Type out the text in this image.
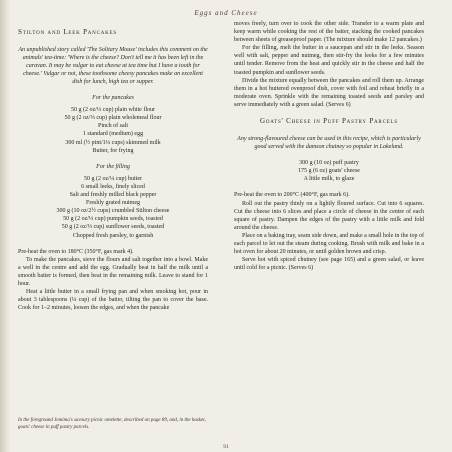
Eggs and Cheese
Stilton and Leek Pancakes
An unpublished story called 'The Solitary Mouse' includes this comment on the animals' tea-time: 'Where is the cheese? Don't tell me it has been left in the caravan. It may be vulgar to eat cheese at tea time but I have a tooth for cheese.' Vulgar or not, these toothsome cheesy pancakes make an excellent dish for lunch, high tea or supper.
For the pancakes
50 g (2 oz/⅓ cup) plain white flour
50 g (2 oz/⅓ cup) plain wholemeal flour
Pinch of salt
1 standard (medium) egg
300 ml (½ pint/1¼ cups) skimmed milk
Butter, for frying
For the filling
50 g (2 oz/¼ cup) butter
6 small leeks, finely sliced
Salt and freshly milled black pepper
Freshly grated nutmeg
300 g (10 oz/2½ cups) crumbled Stilton cheese
50 g (2 oz/⅓ cup) pumpkin seeds, toasted
50 g (2 oz/⅓ cup) sunflower seeds, toasted
Chopped fresh parsley, to garnish

Pre-heat the oven to 180°C (350°F, gas mark 4).

To make the pancakes, sieve the flours and salt together into a bowl. Make a well in the centre and add the egg. Gradually beat in half the milk until a smooth batter is formed, then beat in the remaining milk. Leave to stand for 1 hour.

Heat a little butter in a small frying pan and when smoking hot, pour in about 3 tablespoons (¼ cup) of the batter, tilting the pan to cover the base. Cook for 1–2 minutes, loosen the edges, and when the pancake

moves freely, turn over to cook the other side. Transfer to a warm plate and keep warm while cooking the rest of the batter, stacking the cooked pancakes between sheets of greaseproof paper. (The mixture should make 12 pancakes.)

For the filling, melt the butter in a saucepan and stir in the leeks. Season well with salt, pepper and nutmeg, then stir-fry the leeks for a few minutes until tender. Remove from the heat and quickly stir in the cheese and half the toasted pumpkin and sunflower seeds.

Divide the mixture equally between the pancakes and roll them up. Arrange them in a hot buttered ovenproof dish, cover with foil and reheat briefly in a moderate oven. Sprinkle with the remaining toasted seeds and parsley and serve immediately with a green salad. (Serves 6)

Goats' Cheese in Puff Pastry Parcels
Any strong-flavoured cheese can be used in this recipe, which is particularly good served with the damson chutney so popular in Lakeland.
300 g (10 oz) puff pastry
175 g (6 oz) goats' cheese
A little milk, to glaze

Pre-heat the oven to 200°C (400°F, gas mark 6).

Roll out the pastry thinly on a lightly floured surface. Cut into 6 squares. Cut the cheese into 6 slices and place a circle of cheese in the centre of each square of pastry. Dampen the edges of the pastry with a little milk and fold around the cheese.

Place on a baking tray, seam side down, and make a small hole in the top of each parcel to let out the steam during cooking. Brush with milk and bake in a hot oven for about 20 minutes, or until golden brown and crisp.

Serve hot with spiced chutney (see page 165) and a green salad, or leave until cold for a picnic. (Serves 6)

In the foreground Jemima's savoury picnic omelette, described on page 89, and, in the basket, goats' cheese in puff pastry parcels.
91
